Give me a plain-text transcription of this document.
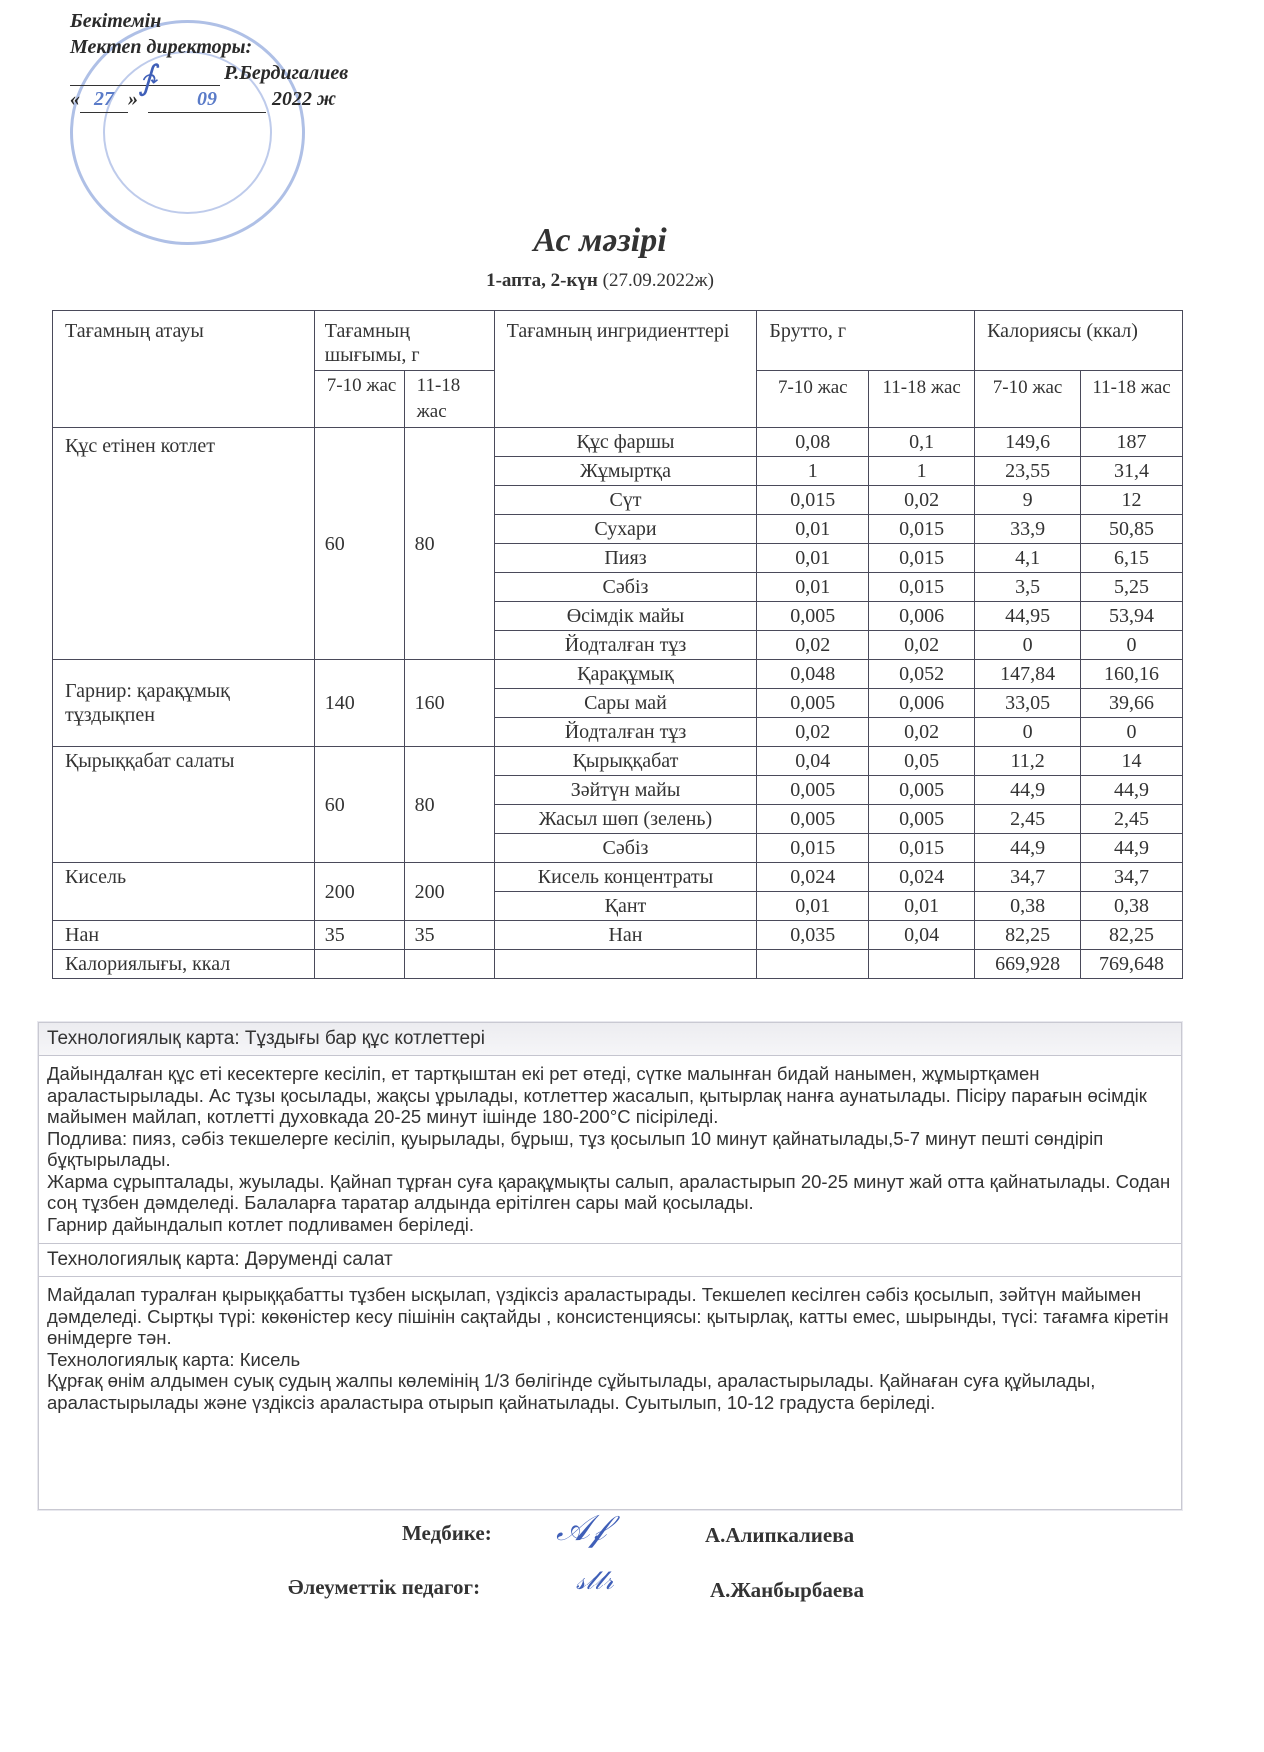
Бекітемін
Мектеп директоры:
Р.Бердигалиев
« 27 »	09	2022 ж
∱
Ас мәзірі
1-апта, 2-күн (27.09.2022ж)
Тағамның атауы	Тағамның шығымы, г		Тағамның ингридиенттері	Брутто, г		Калориясы (ккал)	
	7-10 жас	11-18 жас		7-10 жас	11-18 жас	7-10 жас	11-18 жас
Құс етінен котлет	60	80	Құс фаршы	0,08	0,1	149,6	187
			Жұмыртқа	1	1	23,55	31,4
			Сүт	0,015	0,02	9	12
			Сухари	0,01	0,015	33,9	50,85
			Пияз	0,01	0,015	4,1	6,15
			Сәбіз	0,01	0,015	3,5	5,25
			Өсімдік майы	0,005	0,006	44,95	53,94
			Йодталған тұз	0,02	0,02	0	0
Гарнир: қарақұмық тұздықпен	140	160	Қарақұмық	0,048	0,052	147,84	160,16
			Сары май	0,005	0,006	33,05	39,66
			Йодталған тұз	0,02	0,02	0	0
Қырыққабат салаты	60	80	Қырыққабат	0,04	0,05	11,2	14
			Зәйтүн майы	0,005	0,005	44,9	44,9
			Жасыл шөп (зелень)	0,005	0,005	2,45	2,45
			Сәбіз	0,015	0,015	44,9	44,9
Кисель	200	200	Кисель концентраты	0,024	0,024	34,7	34,7
			Қант	0,01	0,01	0,38	0,38
Нан	35	35	Нан	0,035	0,04	82,25	82,25
Калориялығы, ккал						669,928	769,648
Технологиялық карта: Тұздығы бар құс котлеттері

Дайындалған құс еті кесектерге кесіліп, ет тартқыштан екі рет өтеді, сүтке малынған бидай нанымен, жұмыртқамен араластырылады. Ас тұзы қосылады, жақсы ұрылады, котлеттер жасалып, қытырлақ нанға аунатылады. Пісіру парағын өсімдік майымен майлап, котлетті духовкада 20-25 минут ішінде 180-200°С пісіріледі.

Подлива: пияз, сәбіз текшелерге кесіліп, қуырылады, бұрыш, тұз қосылып 10 минут қайнатылады,5-7 минут пешті сөндіріп бұқтырылады.

Жарма сұрыпталады, жуылады. Қайнап тұрған суға қарақұмықты салып, араластырып 20-25 минут жай отта қайнатылады. Содан соң тұзбен дәмделеді. Балаларға таратар алдында ерітілген сары май қосылады.

Гарнир дайындалып котлет подливамен беріледі.

Технологиялық карта: Дәрумендi салат

Майдалап туралған қырыққабатты тұзбен ысқылап, үздіксіз араластырады. Текшелеп кесілген сәбіз қосылып, зәйтүн майымен дәмделеді. Сыртқы түрі: көкөністер кесу пішінін сақтайды , консистенциясы: қытырлақ, катты емес, шырынды, түсі: тағамға кіретін өнімдерге тән.

Технологиялық карта: Кисель

Құрғақ өнім алдымен суық судың жалпы көлемінің 1/3 бөлігінде сұйытылады, араластырылады. Қайнаған суға құйылады, араластырылады және үздіксіз араластыра отырып қайнатылады. Суытылып, 10-12 градуста беріледі.

Медбике: 𝒜𝒻	А.Алипкалиева
Әлеуметтік педагог:	𝓈𝓁𝓁𝓇	А.Жанбырбаева
